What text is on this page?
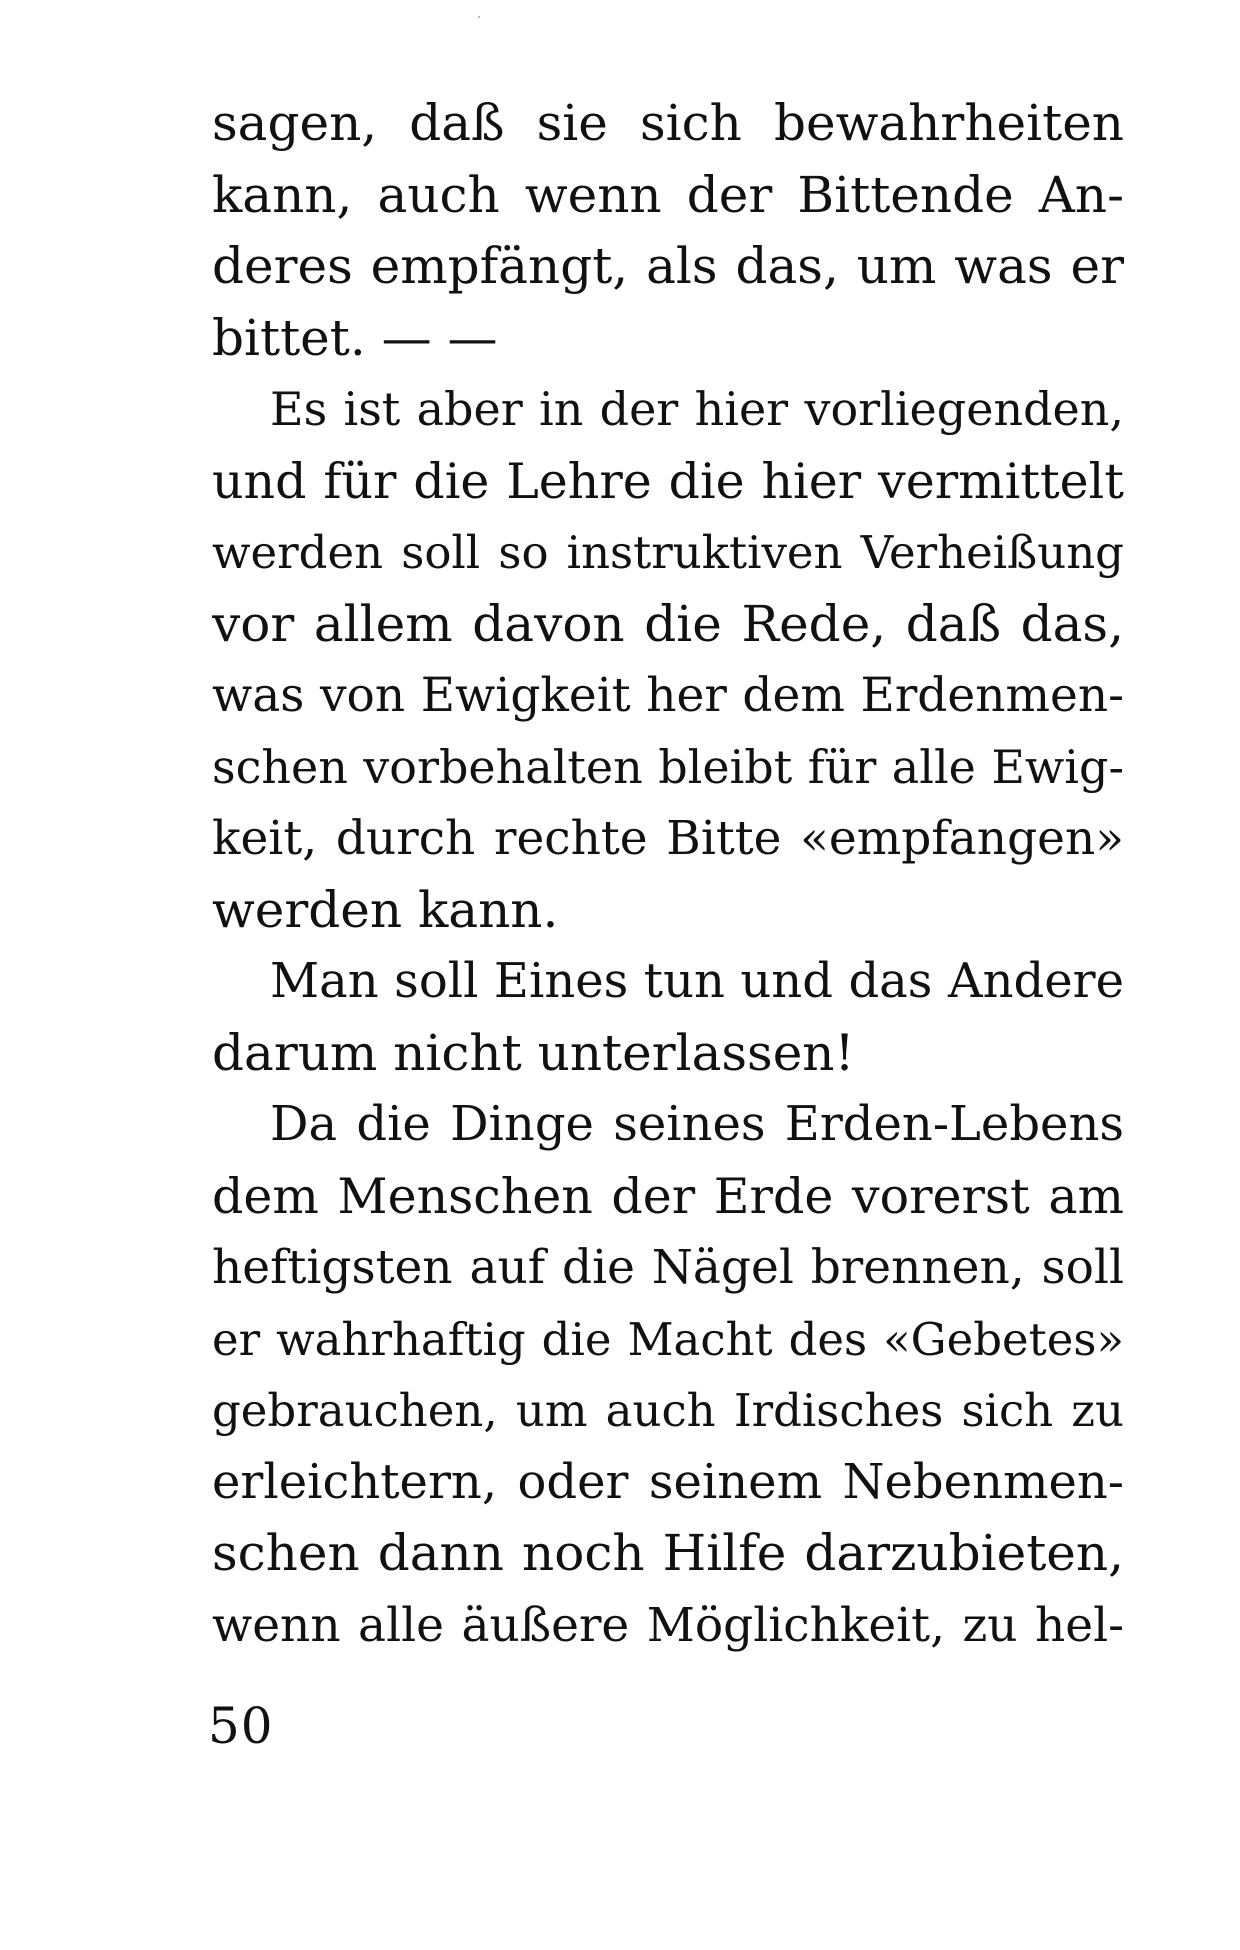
sagen, daß sie sich bewahrheiten
kann, auch wenn der Bittende An-
deres empfängt, als das, um was er
bittet. — —
Es ist aber in der hier vorliegenden,
und für die Lehre die hier vermittelt
werden soll so instruktiven Verheißung
vor allem davon die Rede, daß das,
was von Ewigkeit her dem Erdenmen-
schen vorbehalten bleibt für alle Ewig-
keit, durch rechte Bitte «empfangen»
werden kann.
Man soll Eines tun und das Andere
darum nicht unterlassen!
Da die Dinge seines Erden-Lebens
dem Menschen der Erde vorerst am
heftigsten auf die Nägel brennen, soll
er wahrhaftig die Macht des «Gebetes»
gebrauchen, um auch Irdisches sich zu
erleichtern, oder seinem Nebenmen-
schen dann noch Hilfe darzubieten,
wenn alle äußere Möglichkeit, zu hel-
50
